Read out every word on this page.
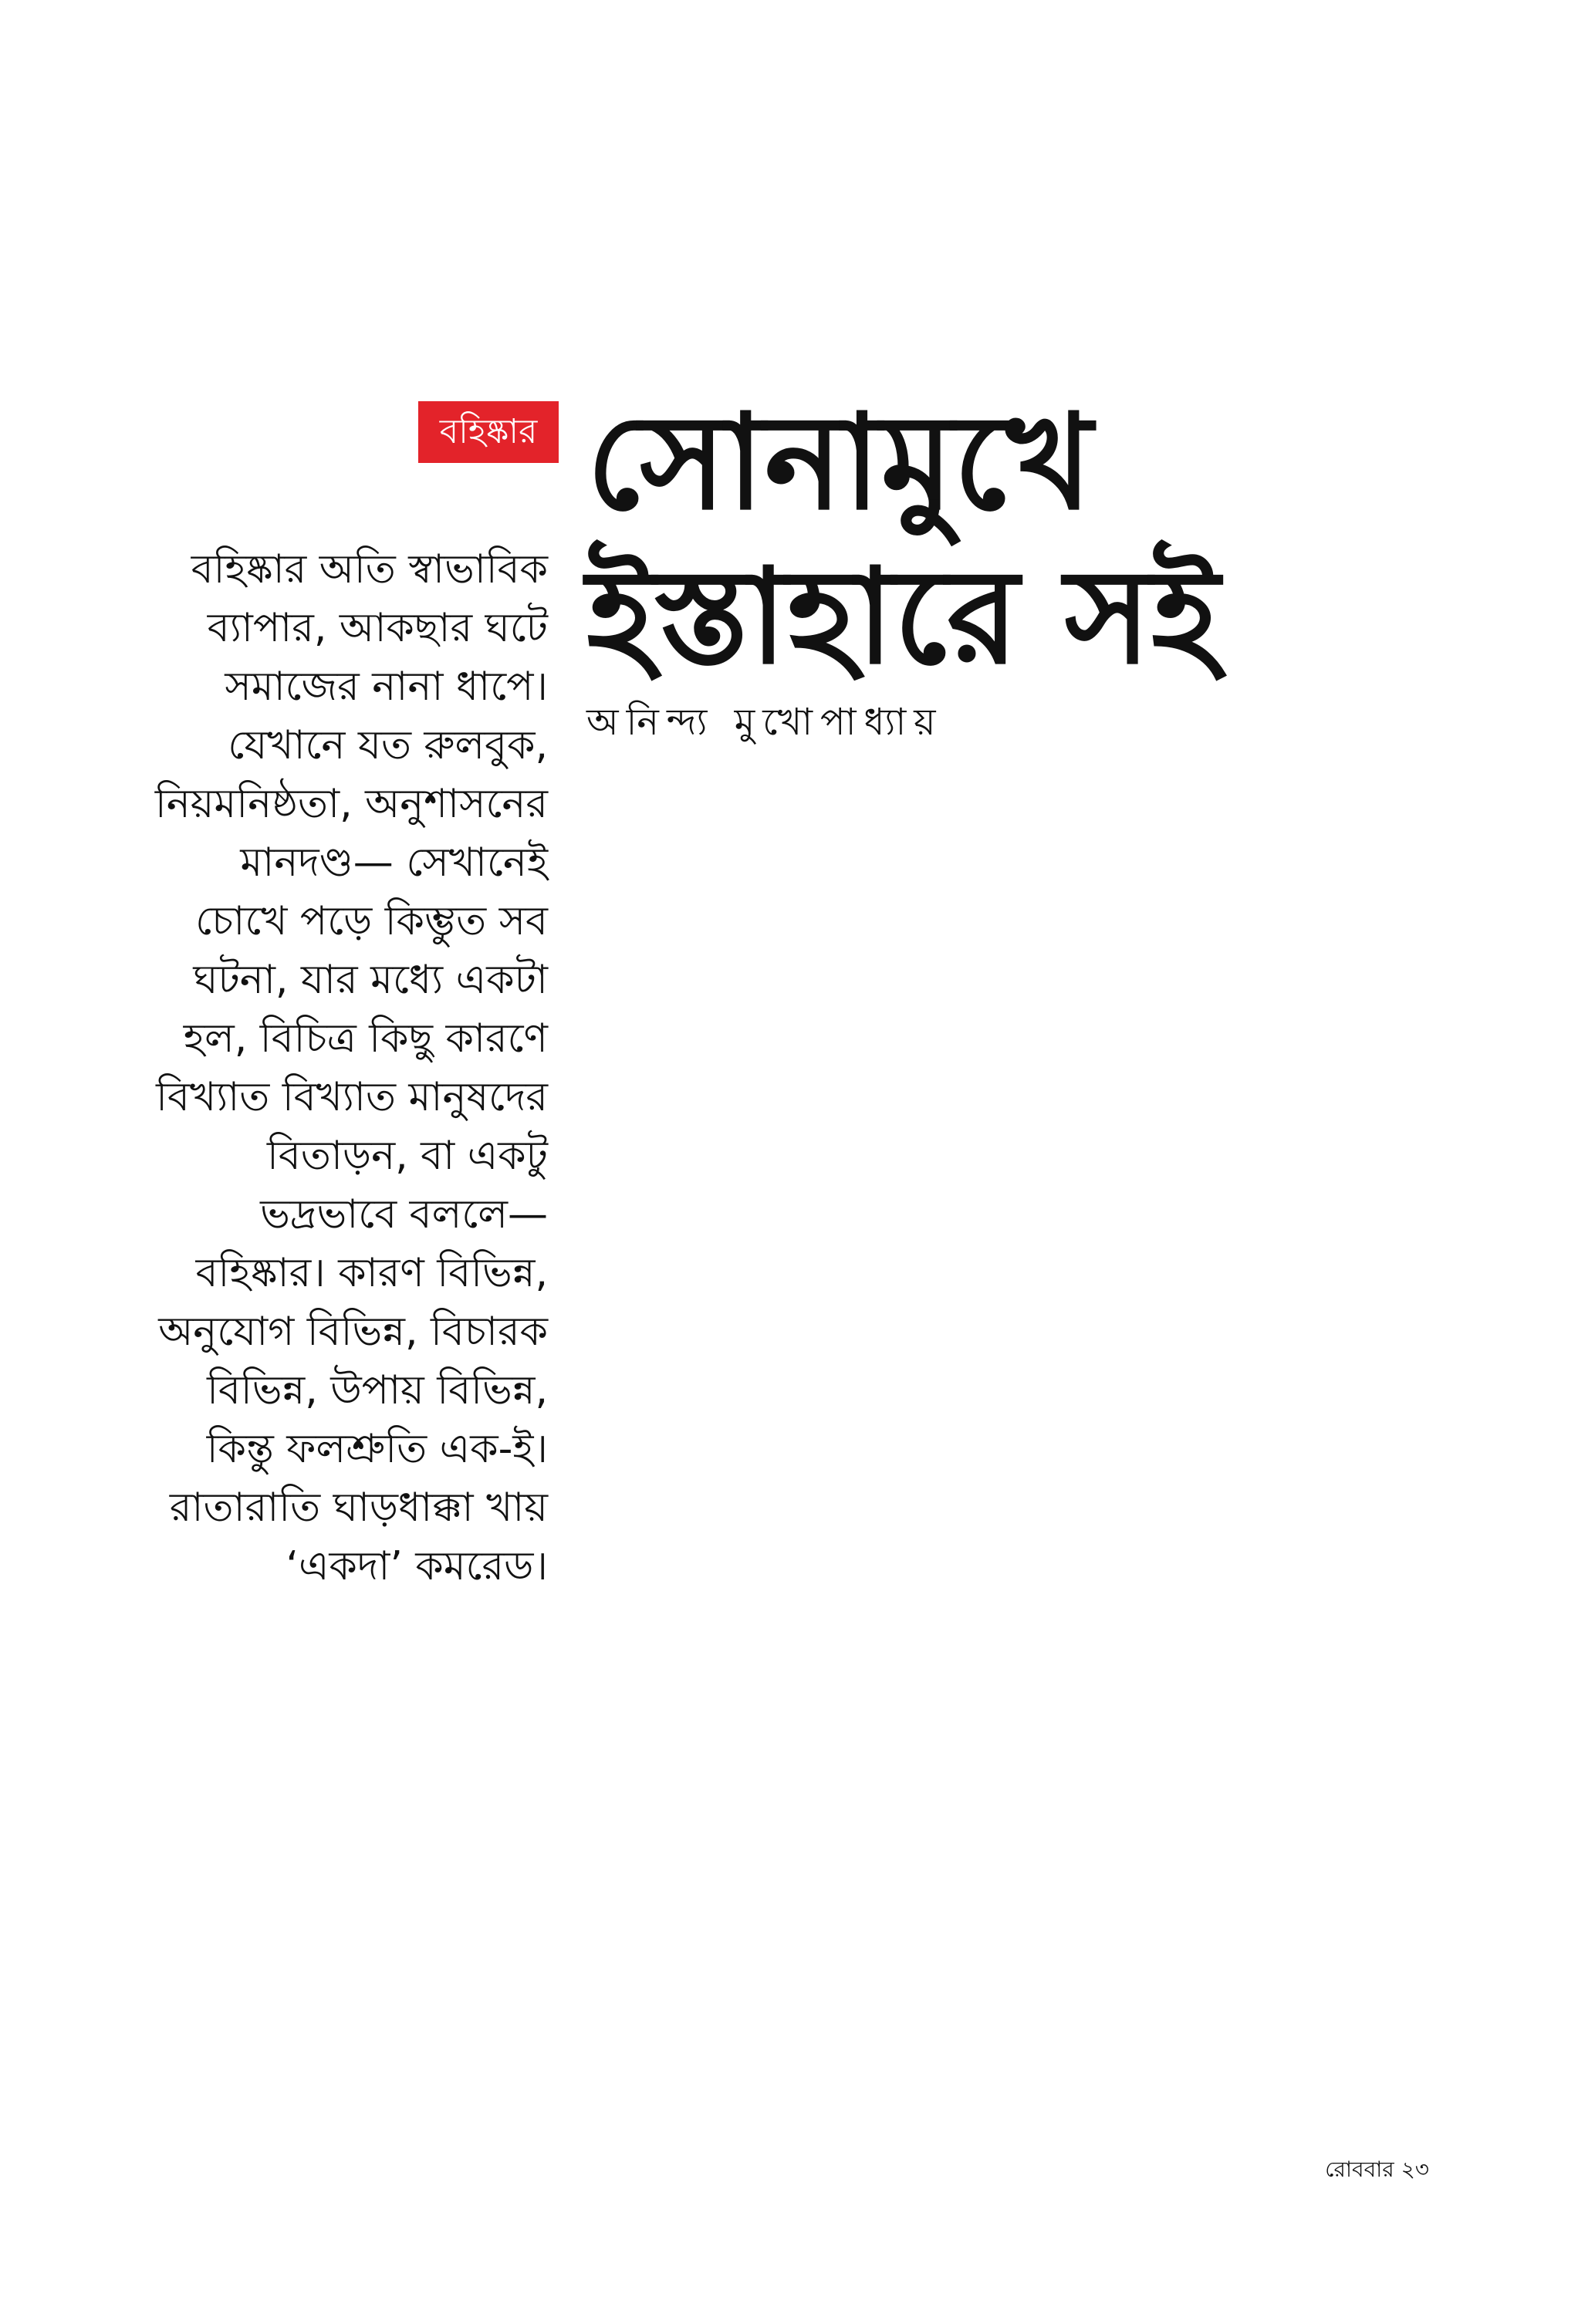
বহিষ্কার সোনামুখে
ইস্তাহারে সই
অনিন্দ্য মুখোপাধ্যায়
বহিষ্কার অতি স্বাভাবিক ব্যাপার, আকছার ঘটে সমাজের নানা ধাপে। যেখানে যত রুলবুক, নিয়মনিষ্ঠতা, অনুশাসনের মানদণ্ড— সেখানেই চোখে পড়ে কিম্ভুত সব ঘটনা, যার মধ্যে একটা হল, বিচিত্র কিছু কারণে বিখ্যাত বিখ্যাত মানুষদের বিতাড়ন, বা একটু ভদ্রভাবে বললে— বহিষ্কার। কারণ বিভিন্ন, অনুযোগ বিভিন্ন, বিচারক বিভিন্ন, উপায় বিভিন্ন, কিন্তু ফলশ্রুতি এক-ই। রাতারাতি ঘাড়ধাক্কা খায় ‘একদা’ কমরেড।
রোববার ২৩
